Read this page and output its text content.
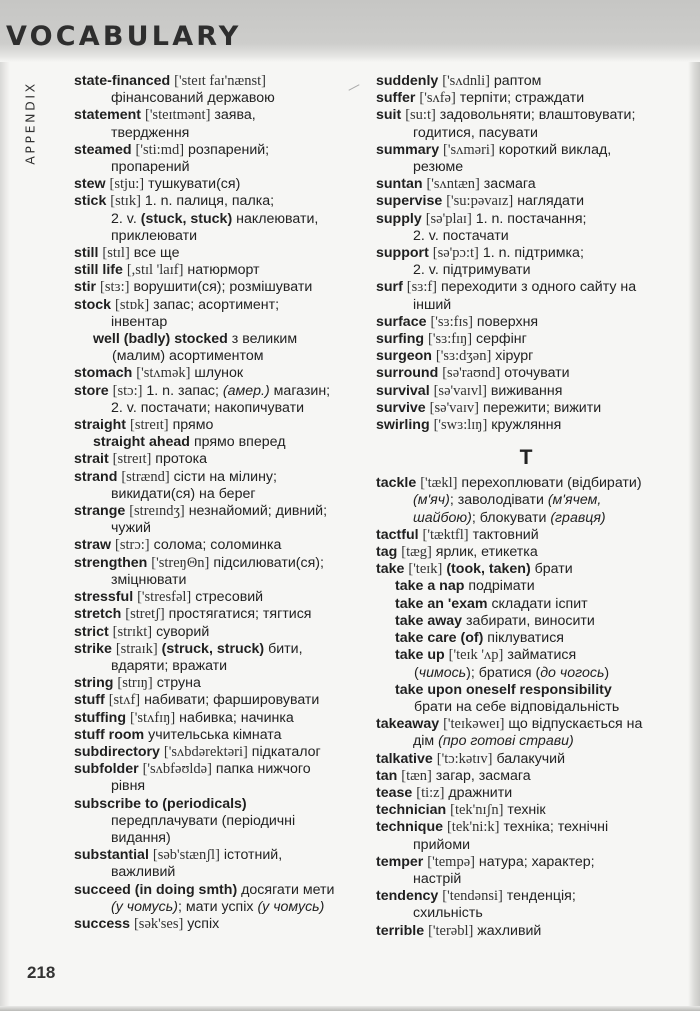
VOCABULARY
APPENDIX
state-financed ['steɪt faɪ'nænst]
фінансований державою
statement ['steɪtmənt] заява,
твердження
steamed ['sti:md] розпарений;
пропарений
stew [stju:] тушкувати(ся)
stick [stɪk] 1. n. палиця, палка;
2. v. (stuck, stuck) наклеювати,
приклеювати
still [stɪl] все ще
still life [,stɪl 'laɪf] натюрморт
stir [stɜ:] ворушити(ся); розмішувати
stock [stɒk] запас; асортимент;
інвентар
well (badly) stocked з великим
(малим) асортиментом
stomach ['stʌmək] шлунок
store [stɔ:] 1. n. запас; (амер.) магазин;
2. v. постачати; накопичувати
straight [streɪt] прямо
straight ahead прямо вперед
strait [streɪt] протока
strand [strænd] сісти на мілину;
викидати(ся) на берег
strange [streɪndʒ] незнайомий; дивний;
чужий
straw [strɔ:] солома; соломинка
strengthen ['streŋΘn] підсилювати(ся);
зміцнювати
stressful ['stresfəl] стресовий
stretch [stretʃ] простягатися; тягтися
strict [strɪkt] суворий
strike [straɪk] (struck, struck) бити,
вдаряти; вражати
string [strɪŋ] струна
stuff [stʌf] набивати; фаршировувати
stuffing ['stʌfɪŋ] набивка; начинка
stuff room учительська кімната
subdirectory ['sʌbdərektəri] підкаталог
subfolder ['sʌbfəʊldə] папка нижчого
рівня
subscribe to (periodicals)
передплачувати (періодичні
видання)
substantial [səb'stænʃl] істотний,
важливий
succeed (in doing smth) досягати мети
(у чомусь); мати успіх (у чомусь)
success [sək'ses] успіх
suddenly ['sʌdnli] раптом
suffer ['sʌfə] терпіти; страждати
suit [su:t] задовольняти; влаштовувати;
годитися, пасувати
summary ['sʌməri] короткий виклад,
резюме
suntan ['sʌntæn] засмага
supervise ['su:pəvaɪz] наглядати
supply [sə'plaɪ] 1. n. постачання;
2. v. постачати
support [sə'pɔ:t] 1. n. підтримка;
2. v. підтримувати
surf [sɜ:f] переходити з одного сайту на
інший
surface ['sɜ:fɪs] поверхня
surfing ['sɜ:fɪŋ] серфінг
surgeon ['sɜ:dʒən] хірург
surround [sə'raʊnd] оточувати
survival [sə'vaɪvl] виживання
survive [sə'vaɪv] пережити; вижити
swirling ['swɜ:lɪŋ] кружляння
T
tackle ['tækl] перехоплювати (відбирати)
(м'яч); заволодівати (м'ячем,
шайбою); блокувати (гравця)
tactful ['tæktfl] тактовний
tag [tæg] ярлик, етикетка
take ['teɪk] (took, taken) брати
take a nap подрімати
take an 'exam складати іспит
take away забирати, виносити
take care (of) піклуватися
take up ['teɪk 'ʌp] займатися
(чимось); братися (до чогось)
take upon oneself responsibility
брати на себе відповідальність
takeaway ['teɪkəweɪ] що відпускається на
дім (про готові страви)
talkative ['tɔ:kətɪv] балакучий
tan [tæn] загар, засмага
tease [ti:z] дражнити
technician [tek'nɪʃn] технік
technique [tek'ni:k] техніка; технічні
прийоми
temper ['tempə] натура; характер;
настрій
tendency ['tendənsi] тенденція;
схильність
terrible ['terəbl] жахливий
218
